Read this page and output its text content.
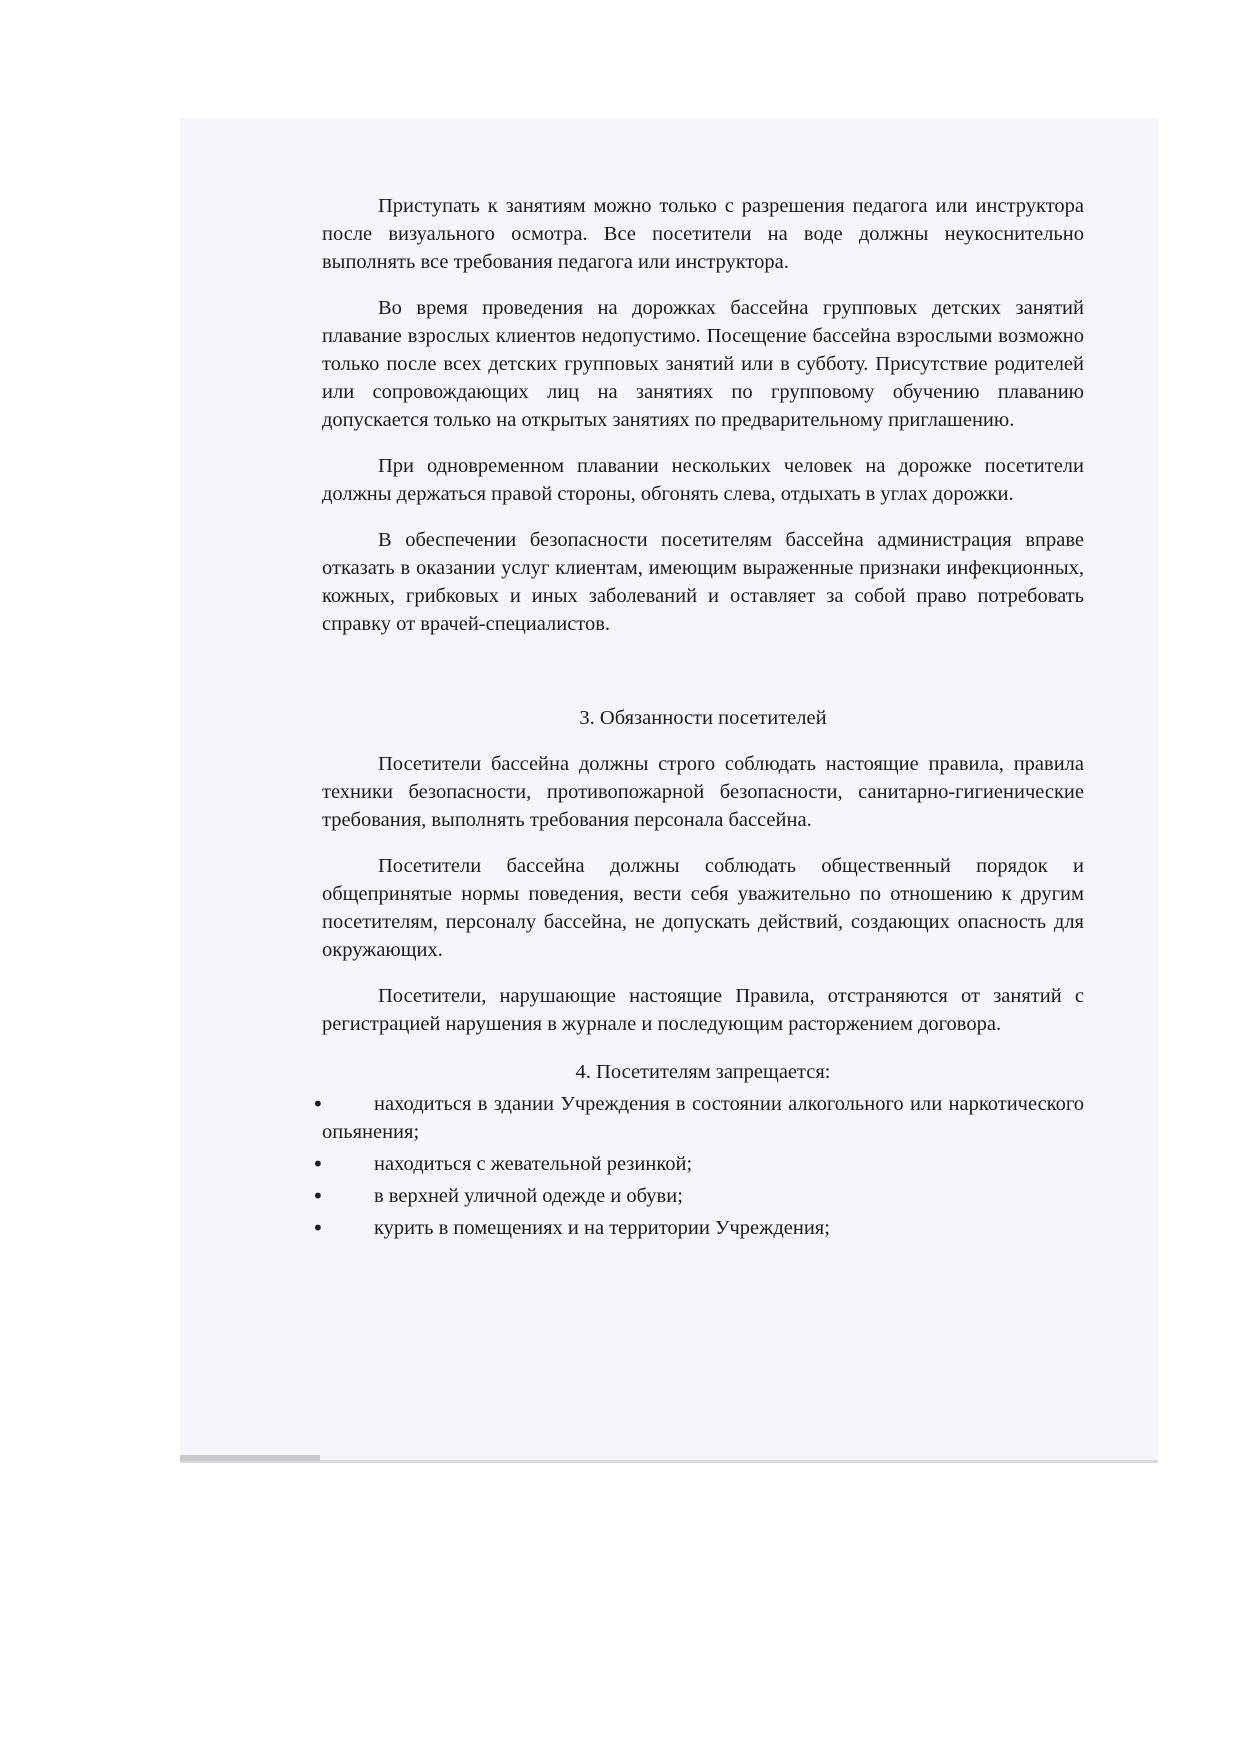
Приступать к занятиям можно только с разрешения педагога или инструктора после визуального осмотра. Все посетители на воде должны неукоснительно выполнять все требования педагога или инструктора.

Во время проведения на дорожках бассейна групповых детских занятий плавание взрослых клиентов недопустимо. Посещение бассейна взрослыми возможно только после всех детских групповых занятий или в субботу. Присутствие родителей или сопровождающих лиц на занятиях по групповому обучению плаванию допускается только на открытых занятиях по предварительному приглашению.

При одновременном плавании нескольких человек на дорожке посетители должны держаться правой стороны, обгонять слева, отдыхать в углах дорожки.

В обеспечении безопасности посетителям бассейна администрация вправе отказать в оказании услуг клиентам, имеющим выраженные признаки инфекционных, кожных, грибковых и иных заболеваний и оставляет за собой право потребовать справку от врачей-специалистов.

3. Обязанности посетителей

Посетители бассейна должны строго соблюдать настоящие правила, правила техники безопасности, противопожарной безопасности, санитарно-гигиенические требования, выполнять требования персонала бассейна.

Посетители бассейна должны соблюдать общественный порядок и общепринятые нормы поведения, вести себя уважительно по отношению к другим посетителям, персоналу бассейна, не допускать действий, создающих опасность для окружающих.

Посетители, нарушающие настоящие Правила, отстраняются от занятий с регистрацией нарушения в журнале и последующим расторжением договора.

4. Посетителям запрещается:
• находиться в здании Учреждения в состоянии алкогольного или наркотического опьянения;
• находиться с жевательной резинкой;
• в верхней уличной одежде и обуви;
• курить в помещениях и на территории Учреждения;
